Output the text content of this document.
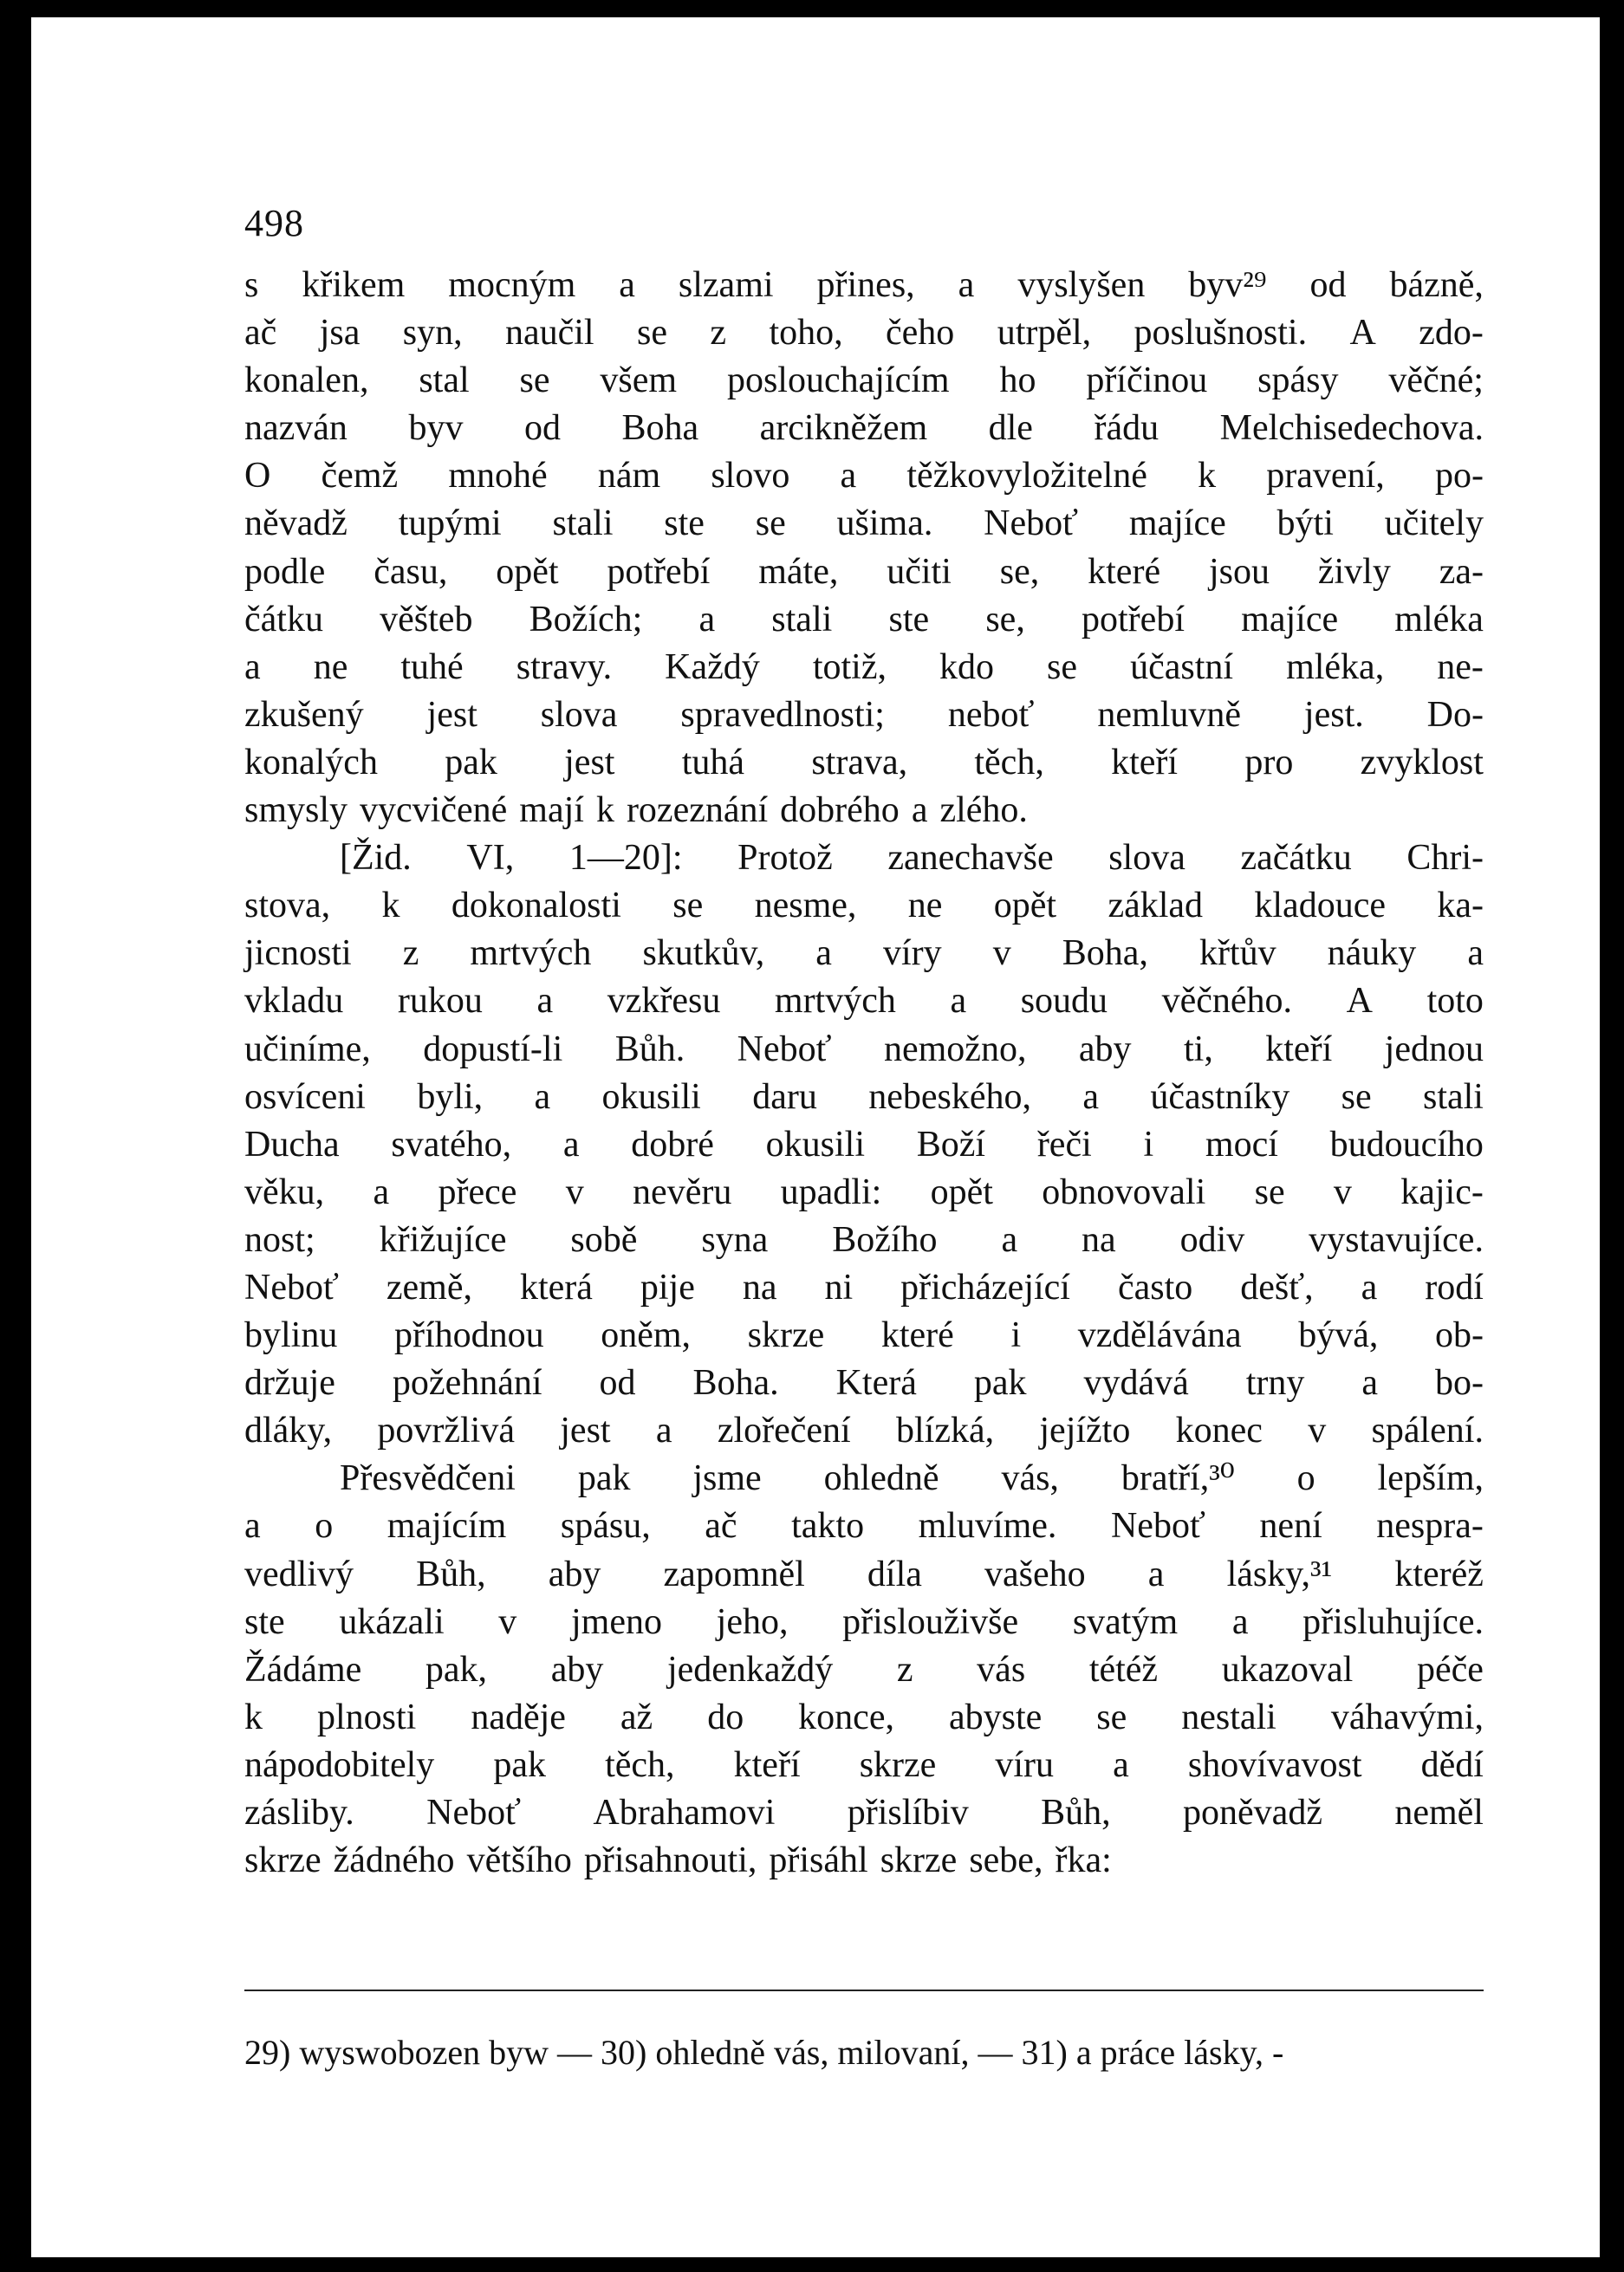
498
s křikem mocným a slzami přines, a vyslyšen byv²⁹ od bázně,
ač jsa syn, naučil se z toho, čeho utrpěl, poslušnosti. A zdo-
konalen, stal se všem poslouchajícím ho příčinou spásy věčné;
nazván byv od Boha arcikněžem dle řádu Melchisedechova.
O čemž mnohé nám slovo a těžkovyložitelné k pravení, po-
něvadž tupými stali ste se ušima. Neboť majíce býti učitely
podle času, opět potřebí máte, učiti se, které jsou živly za-
čátku věšteb Božích; a stali ste se, potřebí majíce mléka
a ne tuhé stravy. Každý totiž, kdo se účastní mléka, ne-
zkušený jest slova spravedlnosti; neboť nemluvně jest. Do-
konalých pak jest tuhá strava, těch, kteří pro zvyklost
smysly vycvičené mají k rozeznání dobrého a zlého.
[Žid. VI, 1—20]: Protož zanechavše slova začátku Chri-
stova, k dokonalosti se nesme, ne opět základ kladouce ka-
jicnosti z mrtvých skutkův, a víry v Boha, křtův náuky a
vkladu rukou a vzkřesu mrtvých a soudu věčného. A toto
učiníme, dopustí-li Bůh. Neboť nemožno, aby ti, kteří jednou
osvíceni byli, a okusili daru nebeského, a účastníky se stali
Ducha svatého, a dobré okusili Boží řeči i mocí budoucího
věku, a přece v nevěru upadli: opět obnovovali se v kajic-
nost; křižujíce sobě syna Božího a na odiv vystavujíce.
Neboť země, která pije na ni přicházející často dešť, a rodí
bylinu příhodnou oněm, skrze které i vzdělávána bývá, ob-
držuje požehnání od Boha. Která pak vydává trny a bo-
dláky, povržlivá jest a zlořečení blízká, jejížto konec v spálení.
Přesvědčeni pak jsme ohledně vás, bratří,³⁰ o lepším,
a o majícím spásu, ač takto mluvíme. Neboť není nespra-
vedlivý Bůh, aby zapomněl díla vašeho a lásky,³¹ kteréž
ste ukázali v jmeno jeho, přislouživše svatým a přisluhujíce.
Žádáme pak, aby jedenkaždý z vás tétéž ukazoval péče
k plnosti naděje až do konce, abyste se nestali váhavými,
nápodobitely pak těch, kteří skrze víru a shovívavost dědí
zásliby. Neboť Abrahamovi přislíbiv Bůh, poněvadž neměl
skrze žádného většího přisahnouti, přisáhl skrze sebe, řka:
29) wyswobozen byw — 30) ohledně vás, milovaní, — 31) a práce lásky, -
